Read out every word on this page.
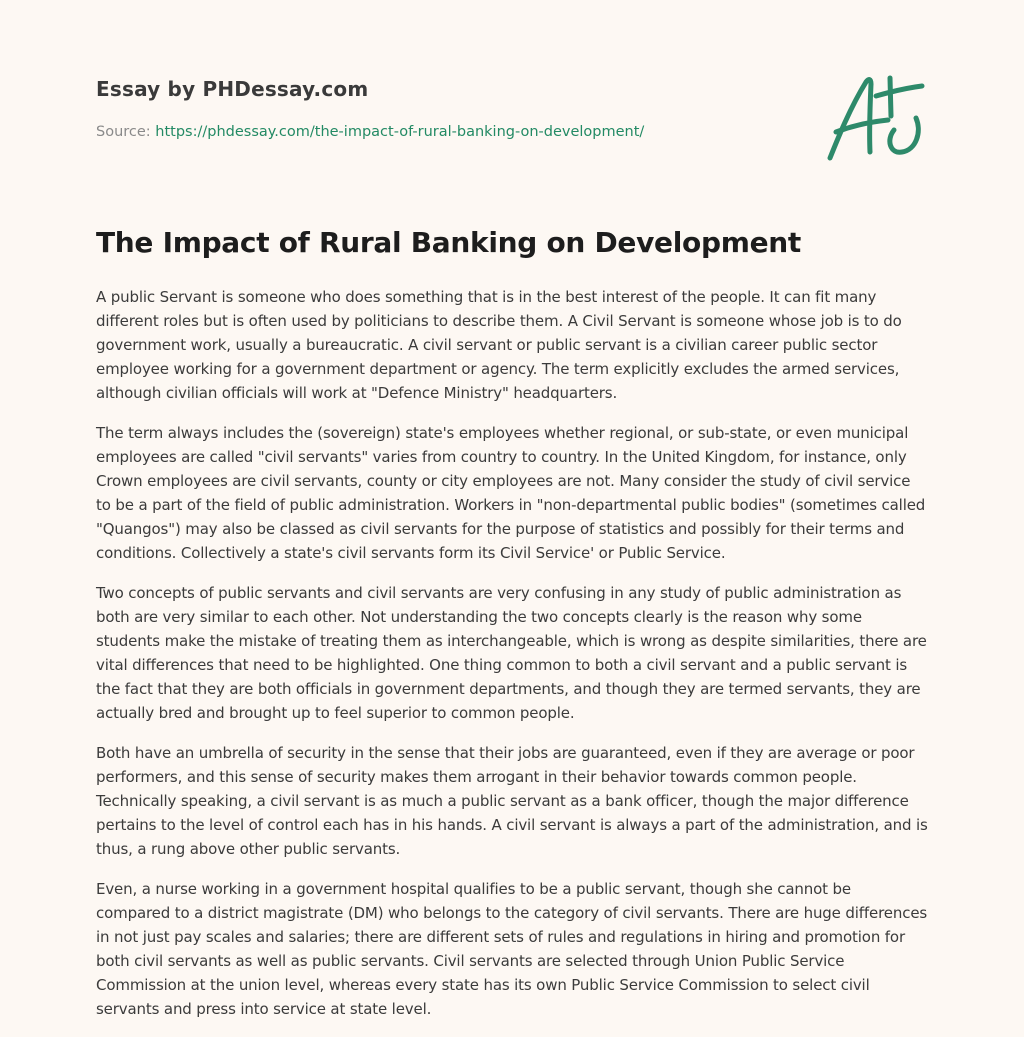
Essay by PHDessay.com
Source: https://phdessay.com/the-impact-of-rural-banking-on-development/
The Impact of Rural Banking on Development

A public Servant is someone who does something that is in the best interest of the people. It can fit many different roles but is often used by politicians to describe them. A Civil Servant is someone whose job is to do government work, usually a bureaucratic. A civil servant or public servant is a civilian career public sector employee working for a government department or agency. The term explicitly excludes the armed services, although civilian officials will work at "Defence Ministry" headquarters.

The term always includes the (sovereign) state's employees whether regional, or sub-state, or even municipal employees are called "civil servants" varies from country to country. In the United Kingdom, for instance, only Crown employees are civil servants, county or city employees are not. Many consider the study of civil service to be a part of the field of public administration. Workers in "non-departmental public bodies" (sometimes called "Quangos") may also be classed as civil servants for the purpose of statistics and possibly for their terms and conditions. Collectively a state's civil servants form its Civil Service' or Public Service.

Two concepts of public servants and civil servants are very confusing in any study of public administration as both are very similar to each other. Not understanding the two concepts clearly is the reason why some students make the mistake of treating them as interchangeable, which is wrong as despite similarities, there are vital differences that need to be highlighted. One thing common to both a civil servant and a public servant is the fact that they are both officials in government departments, and though they are termed servants, they are actually bred and brought up to feel superior to common people.

Both have an umbrella of security in the sense that their jobs are guaranteed, even if they are average or poor performers, and this sense of security makes them arrogant in their behavior towards common people. Technically speaking, a civil servant is as much a public servant as a bank officer, though the major difference pertains to the level of control each has in his hands. A civil servant is always a part of the administration, and is thus, a rung above other public servants.

Even, a nurse working in a government hospital qualifies to be a public servant, though she cannot be compared to a district magistrate (DM) who belongs to the category of civil servants. There are huge differences in not just pay scales and salaries; there are different sets of rules and regulations in hiring and promotion for both civil servants as well as public servants. Civil servants are selected through Union Public Service Commission at the union level, whereas every state has its own Public Service Commission to select civil servants and press into service at state level.
